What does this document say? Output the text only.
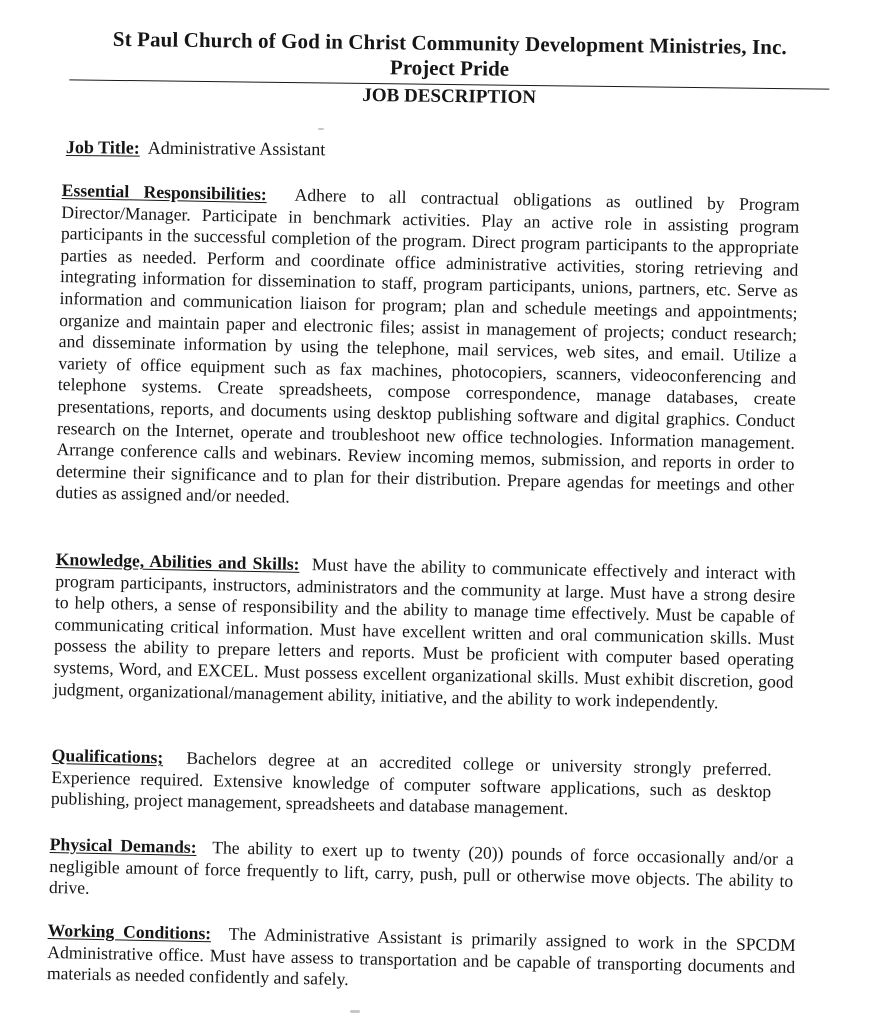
St Paul Church of God in Christ Community Development Ministries, Inc.
Project Pride
JOB DESCRIPTION
Job Title: Administrative Assistant
Essential Responsibilities: Adhere to all contractual obligations as outlined by Program Director/Manager. Participate in benchmark activities. Play an active role in assisting program participants in the successful completion of the program. Direct program participants to the appropriate parties as needed. Perform and coordinate office administrative activities, storing retrieving and integrating information for dissemination to staff, program participants, unions, partners, etc. Serve as information and communication liaison for program; plan and schedule meetings and appointments; organize and maintain paper and electronic files; assist in management of projects; conduct research; and disseminate information by using the telephone, mail services, web sites, and email. Utilize a variety of office equipment such as fax machines, photocopiers, scanners, videoconferencing and telephone systems. Create spreadsheets, compose correspondence, manage databases, create presentations, reports, and documents using desktop publishing software and digital graphics. Conduct research on the Internet, operate and troubleshoot new office technologies. Information management. Arrange conference calls and webinars. Review incoming memos, submission, and reports in order to determine their significance and to plan for their distribution. Prepare agendas for meetings and other duties as assigned and/or needed.
Knowledge, Abilities and Skills: Must have the ability to communicate effectively and interact with program participants, instructors, administrators and the community at large. Must have a strong desire to help others, a sense of responsibility and the ability to manage time effectively. Must be capable of communicating critical information. Must have excellent written and oral communication skills. Must possess the ability to prepare letters and reports. Must be proficient with computer based operating systems, Word, and EXCEL. Must possess excellent organizational skills. Must exhibit discretion, good judgment, organizational/management ability, initiative, and the ability to work independently.
Qualifications; Bachelors degree at an accredited college or university strongly preferred. Experience required. Extensive knowledge of computer software applications, such as desktop publishing, project management, spreadsheets and database management.
Physical Demands: The ability to exert up to twenty (20)) pounds of force occasionally and/or a negligible amount of force frequently to lift, carry, push, pull or otherwise move objects. The ability to drive.
Working Conditions: The Administrative Assistant is primarily assigned to work in the SPCDM Administrative office. Must have assess to transportation and be capable of transporting documents and materials as needed confidently and safely.
